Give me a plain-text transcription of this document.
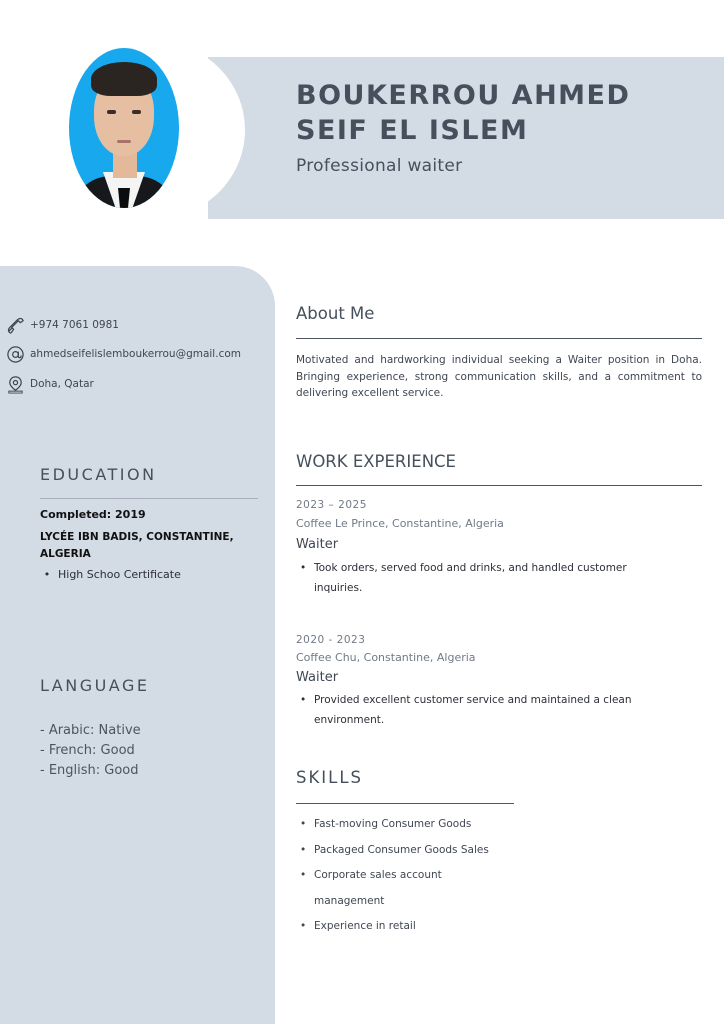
BOUKERROU AHMED
SEIF EL ISLEM
Professional waiter
+974 7061 0981
ahmedseifelislemboukerrou@gmail.com
Doha, Qatar
EDUCATION
Completed: 2019
LYCÉE IBN BADIS, CONSTANTINE, ALGERIA
• High Schoo Certificate
LANGUAGE
- Arabic: Native
- French: Good
- English: Good
About Me
Motivated and hardworking individual seeking a Waiter position in Doha. Bringing experience, strong communication skills, and a commitment to delivering excellent service.
WORK EXPERIENCE
2023 – 2025
Coffee Le Prince, Constantine, Algeria
Waiter
• Took orders, served food and drinks, and handled customer inquiries.
2020 - 2023
Coffee Chu, Constantine, Algeria
Waiter
• Provided excellent customer service and maintained a clean environment.
SKILLS
• Fast-moving Consumer Goods
• Packaged Consumer Goods Sales
• Corporate sales account management
• Experience in retail
